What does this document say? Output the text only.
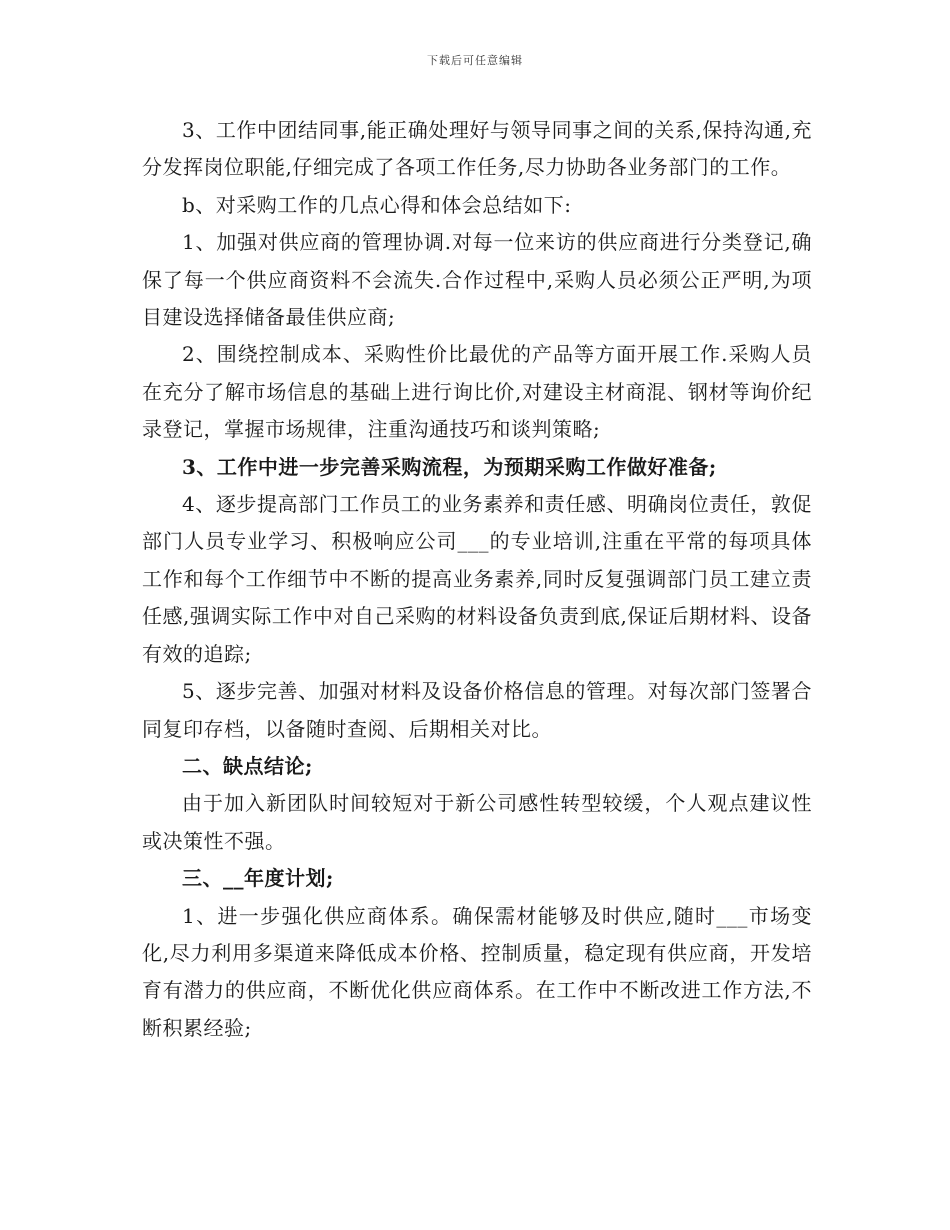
下载后可任意编辑

3、工作中团结同事,能正确处理好与领导同事之间的关系,保持沟通,充分发挥岗位职能,仔细完成了各项工作任务,尽力协助各业务部门的工作。

b、对采购工作的几点心得和体会总结如下:

1、加强对供应商的管理协调.对每一位来访的供应商进行分类登记,确保了每一个供应商资料不会流失.合作过程中,采购人员必须公正严明,为项目建设选择储备最佳供应商;

2、围绕控制成本、采购性价比最优的产品等方面开展工作.采购人员在充分了解市场信息的基础上进行询比价,对建设主材商混、钢材等询价纪录登记，掌握市场规律，注重沟通技巧和谈判策略;

3、工作中进一步完善采购流程，为预期采购工作做好准备;

4、逐步提高部门工作员工的业务素养和责任感、明确岗位责任，敦促部门人员专业学习、积极响应公司___的专业培训,注重在平常的每项具体工作和每个工作细节中不断的提高业务素养,同时反复强调部门员工建立责任感,强调实际工作中对自己采购的材料设备负责到底,保证后期材料、设备有效的追踪;

5、逐步完善、加强对材料及设备价格信息的管理。对每次部门签署合同复印存档，以备随时查阅、后期相关对比。

二、缺点结论;

由于加入新团队时间较短对于新公司感性转型较缓，个人观点建议性或决策性不强。

三、__年度计划;

1、进一步强化供应商体系。确保需材能够及时供应,随时___市场变化,尽力利用多渠道来降低成本价格、控制质量，稳定现有供应商，开发培育有潜力的供应商，不断优化供应商体系。在工作中不断改进工作方法,不断积累经验;
